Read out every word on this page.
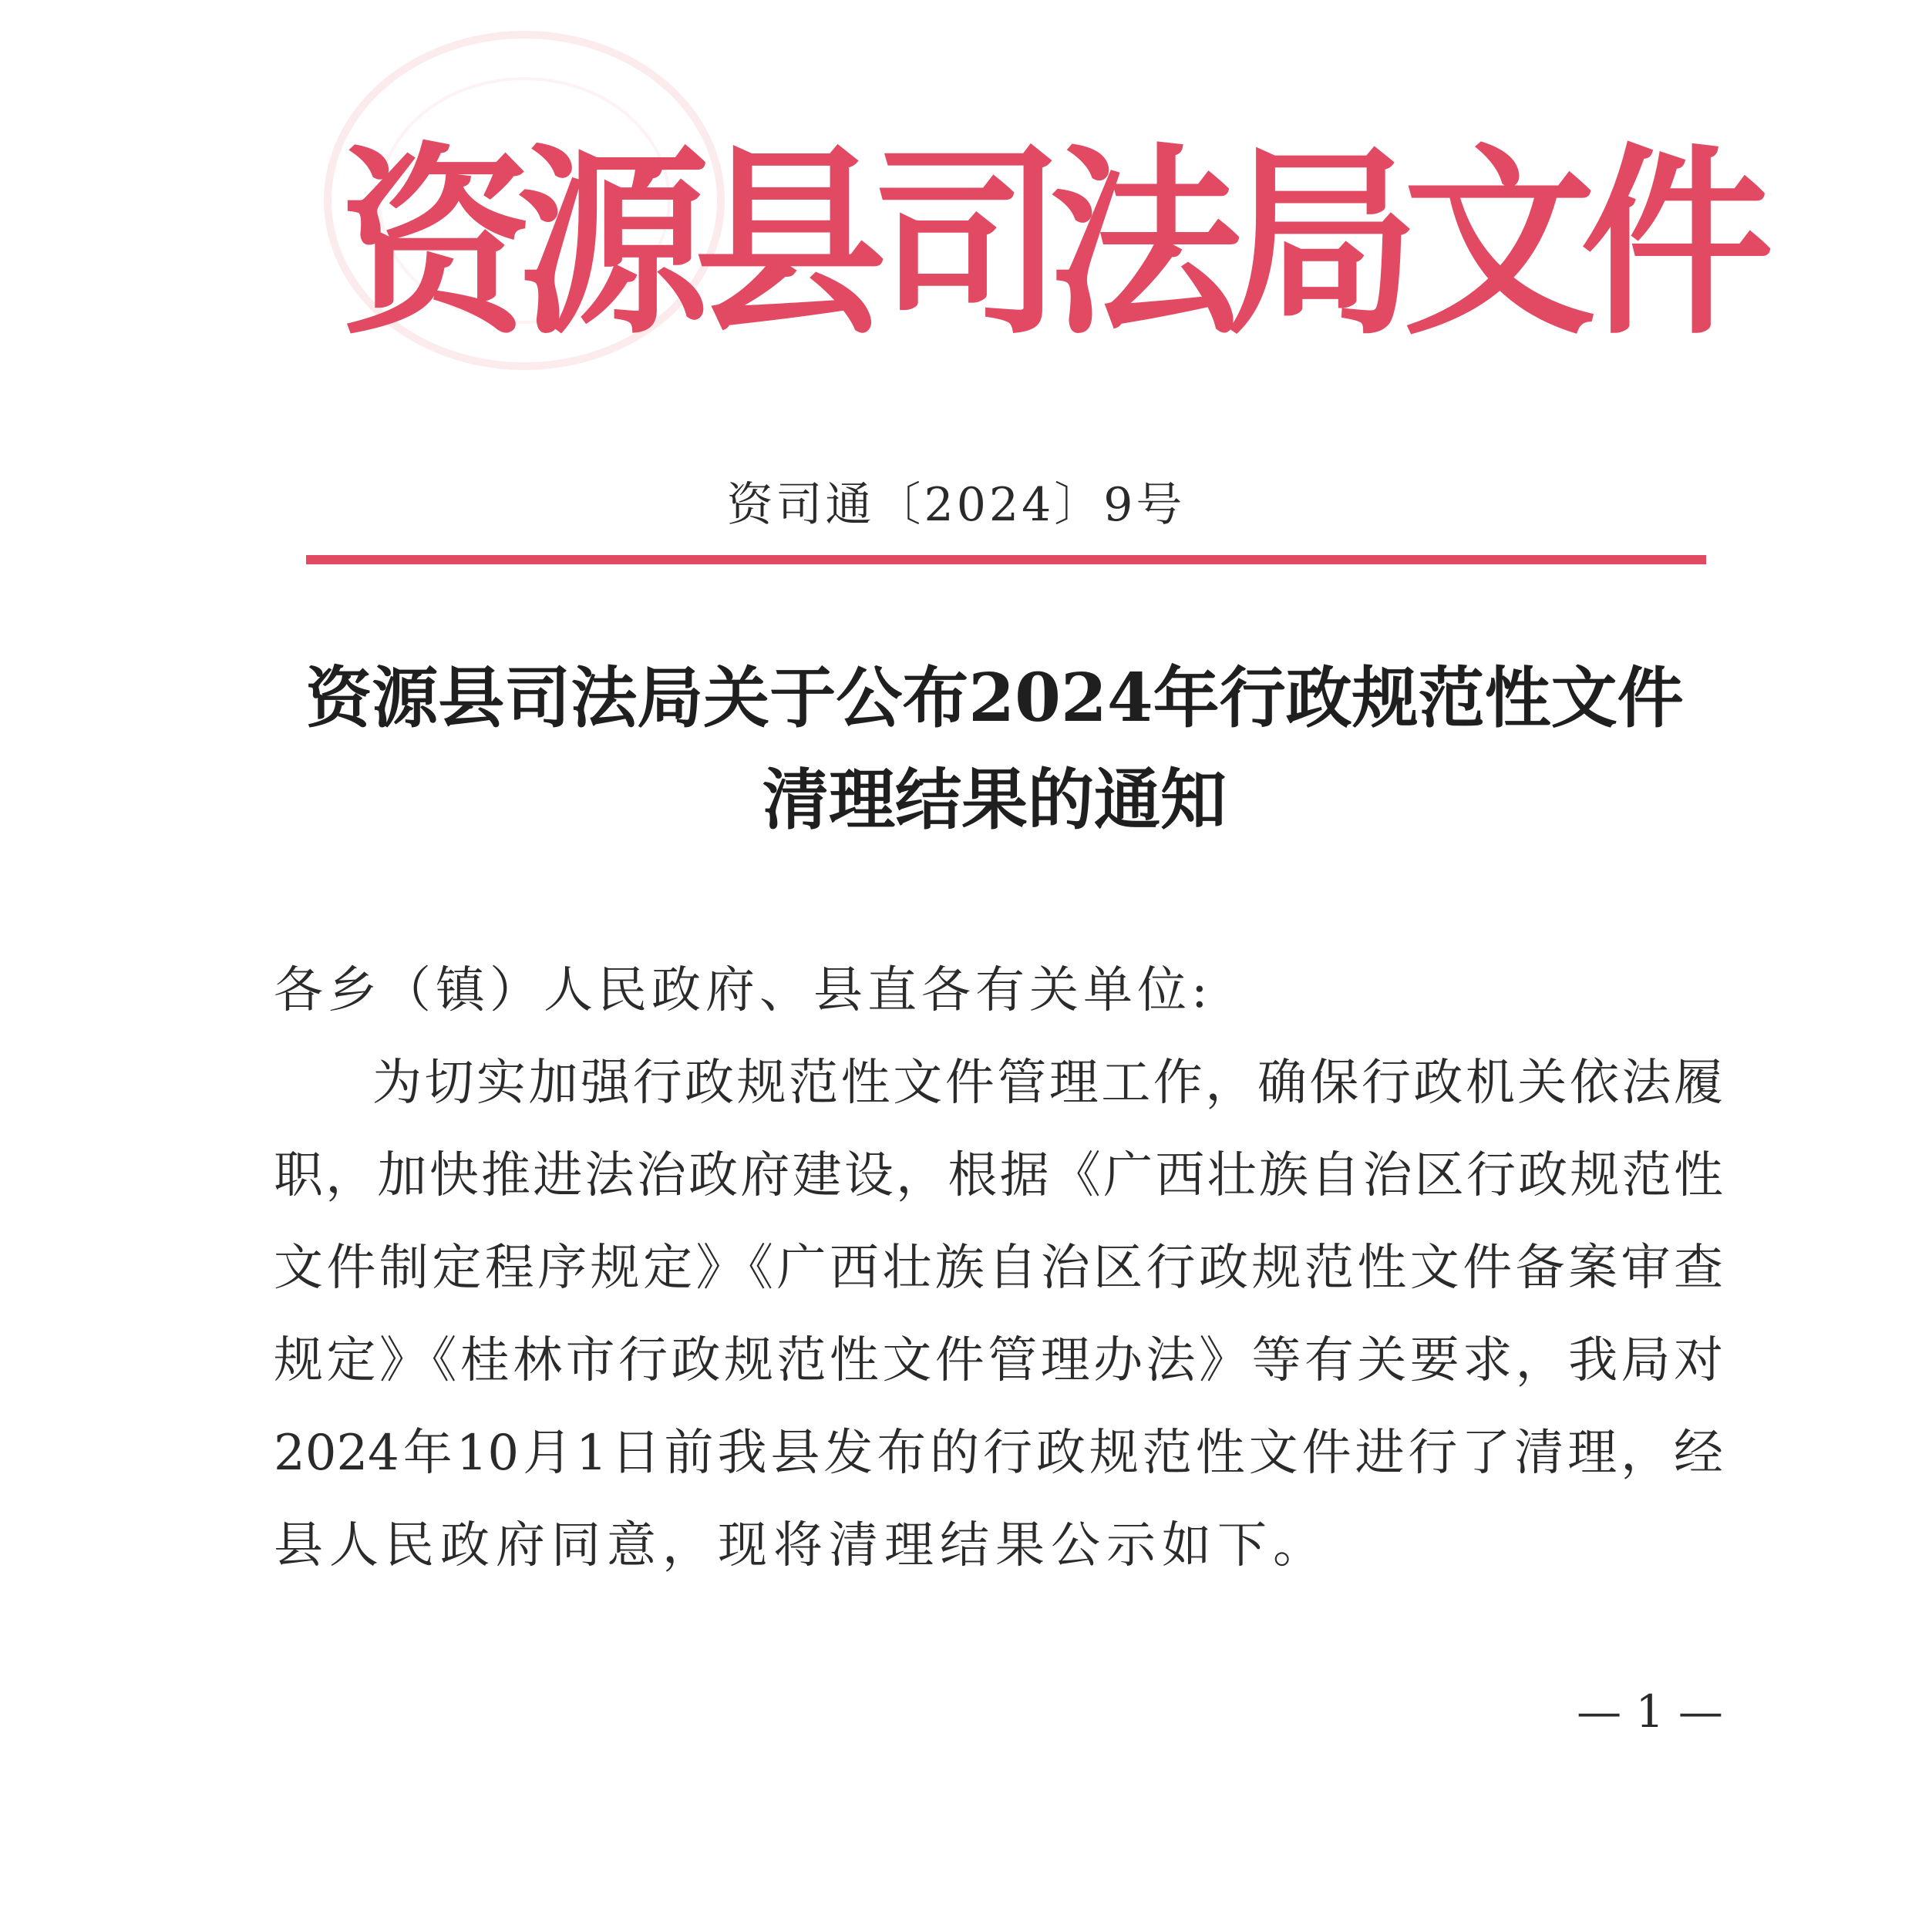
资
源
县
司
法
局
文
件
资司通〔2024〕9号
资源县司法局关于公布2024年行政规范性文件
清理结果的通知
各乡（镇）人民政府、县直各有关单位:
为切实加强行政规范性文件管理工作，确保行政机关依法履
职，加快推进法治政府建设，根据《广西壮族自治区行政规范性
文件制定程序规定》《广西壮族自治区行政规范性文件备案审查
规定》《桂林市行政规范性文件管理办法》等有关要求，我局对
2024年10月1日前我县发布的行政规范性文件进行了清理，经
县人民政府同意，现将清理结果公示如下。
— 1 —
